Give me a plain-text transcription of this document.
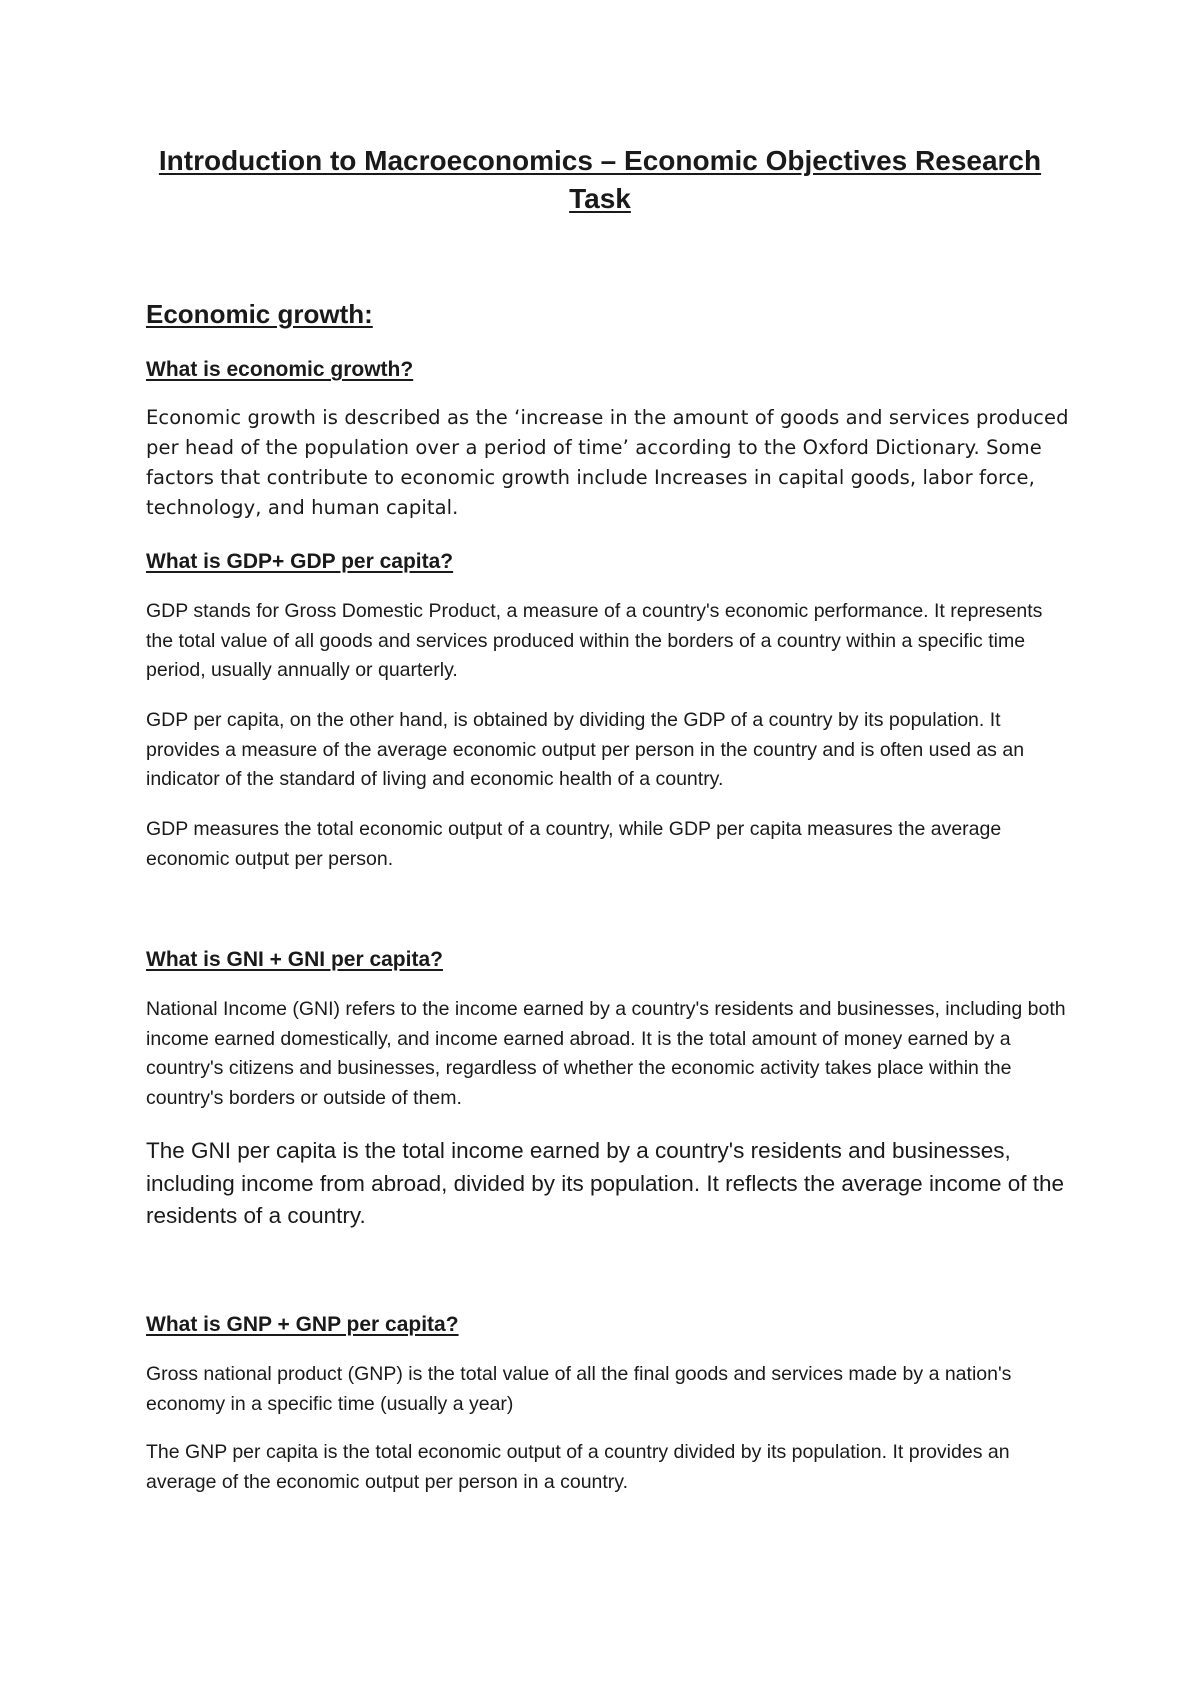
Introduction to Macroeconomics – Economic Objectives Research Task
Economic growth:
What is economic growth?

Economic growth is described as the ‘increase in the amount of goods and services produced per head of the population over a period of time’ according to the Oxford Dictionary. Some factors that contribute to economic growth include Increases in capital goods, labor force, technology, and human capital.

What is GDP+ GDP per capita?

GDP stands for Gross Domestic Product, a measure of a country's economic performance. It represents the total value of all goods and services produced within the borders of a country within a specific time period, usually annually or quarterly.

GDP per capita, on the other hand, is obtained by dividing the GDP of a country by its population. It provides a measure of the average economic output per person in the country and is often used as an indicator of the standard of living and economic health of a country.

GDP measures the total economic output of a country, while GDP per capita measures the average economic output per person.

What is GNI + GNI per capita?

National Income (GNI) refers to the income earned by a country's residents and businesses, including both income earned domestically, and income earned abroad. It is the total amount of money earned by a country's citizens and businesses, regardless of whether the economic activity takes place within the country's borders or outside of them.

The GNI per capita is the total income earned by a country's residents and businesses, including income from abroad, divided by its population. It reflects the average income of the residents of a country.

What is GNP + GNP per capita?

Gross national product (GNP) is the total value of all the final goods and services made by a nation's economy in a specific time (usually a year)

The GNP per capita is the total economic output of a country divided by its population. It provides an average of the economic output per person in a country.
